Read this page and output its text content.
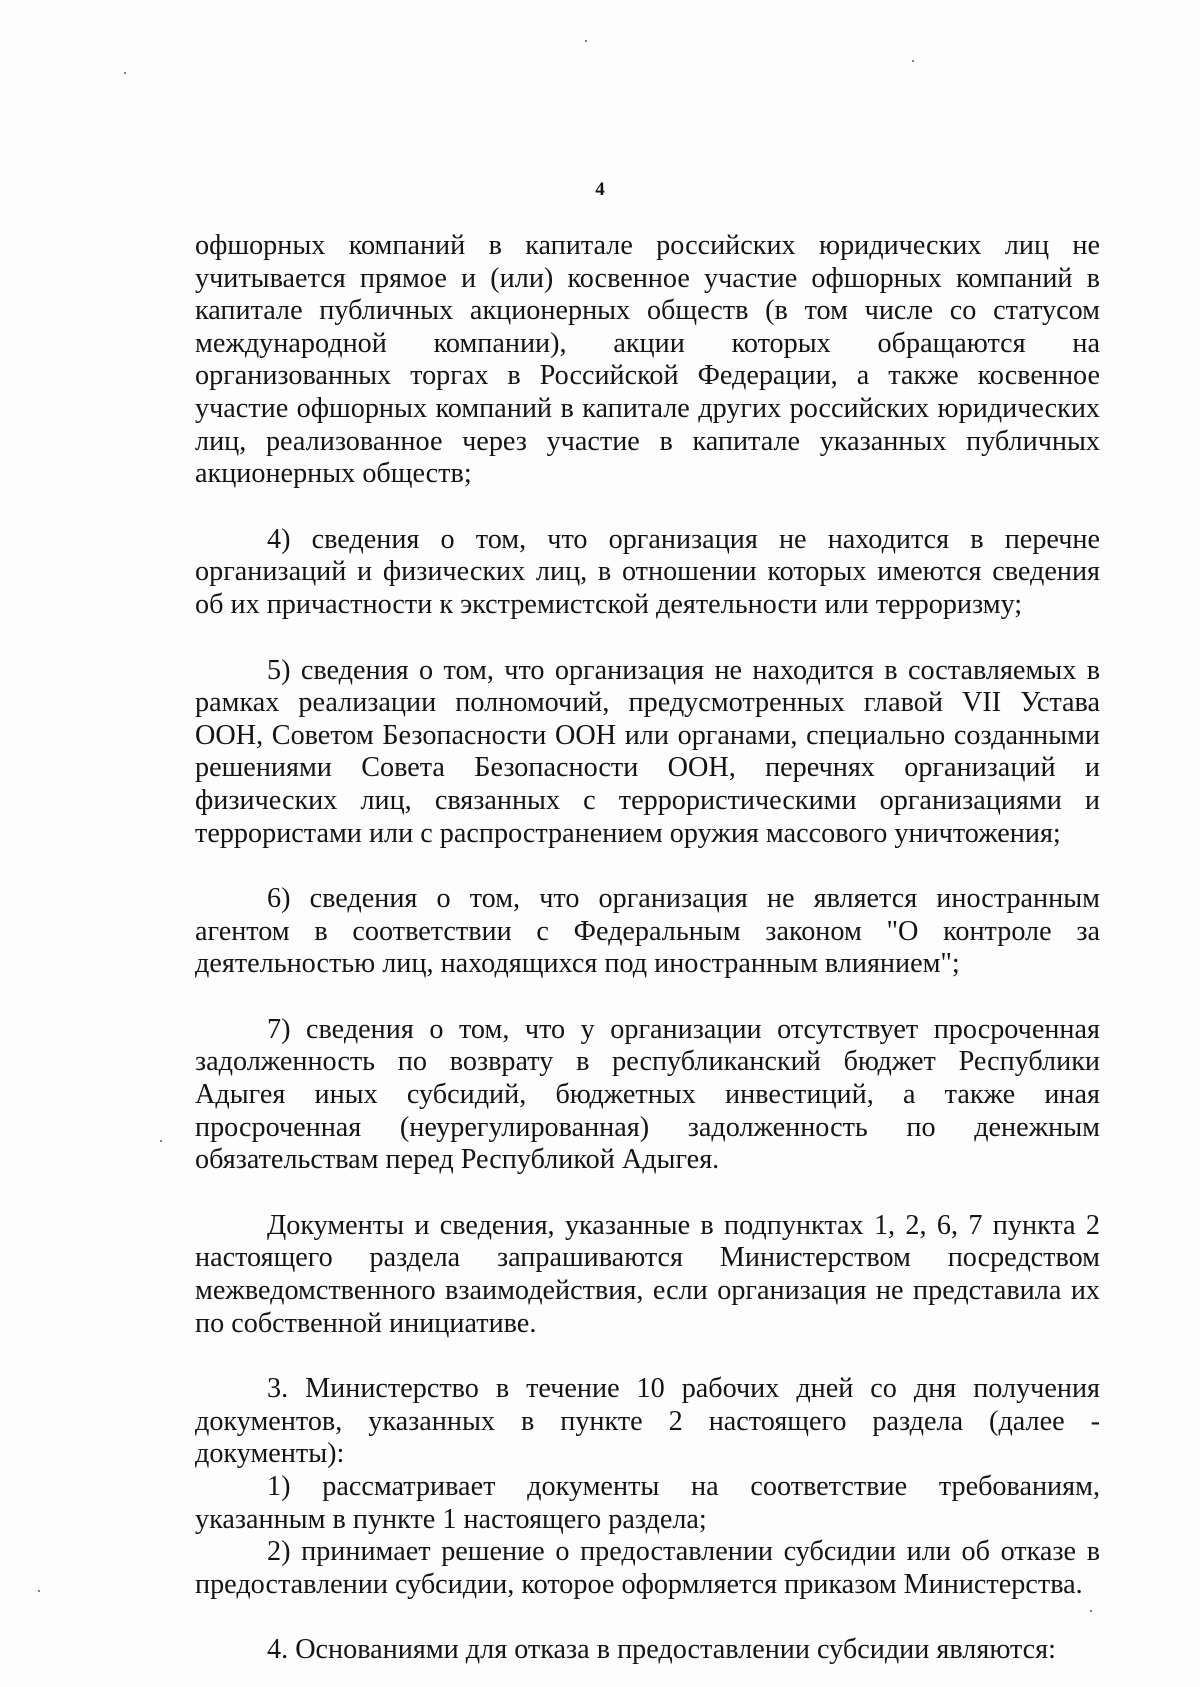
4

офшорных компаний в капитале российских юридических лиц не учитывается прямое и (или) косвенное участие офшорных компаний в капитале публичных акционерных обществ (в том числе со статусом международной компании), акции которых обращаются на организованных торгах в Российской Федерации, а также косвенное участие офшорных компаний в капитале других российских юридических лиц, реализованное через участие в капитале указанных публичных акционерных обществ;

4) сведения о том, что организация не находится в перечне организаций и физических лиц, в отношении которых имеются сведения об их причастности к экстремистской деятельности или терроризму;

5) сведения о том, что организация не находится в составляемых в рамках реализации полномочий, предусмотренных главой VII Устава ООН, Советом Безопасности ООН или органами, специально созданными решениями Совета Безопасности ООН, перечнях организаций и физических лиц, связанных с террористическими организациями и террористами или с распространением оружия массового уничтожения;

6) сведения о том, что организация не является иностранным агентом в соответствии с Федеральным законом "О контроле за деятельностью лиц, находящихся под иностранным влиянием";

7) сведения о том, что у организации отсутствует просроченная задолженность по возврату в республиканский бюджет Республики Адыгея иных субсидий, бюджетных инвестиций, а также иная просроченная (неурегулированная) задолженность по денежным обязательствам перед Республикой Адыгея.

Документы и сведения, указанные в подпунктах 1, 2, 6, 7 пункта 2 настоящего раздела запрашиваются Министерством посредством межведомственного взаимодействия, если организация не представила их по собственной инициативе.

3. Министерство в течение 10 рабочих дней со дня получения документов, указанных в пункте 2 настоящего раздела (далее - документы):

1) рассматривает документы на соответствие требованиям, указанным в пункте 1 настоящего раздела;

2) принимает решение о предоставлении субсидии или об отказе в предоставлении субсидии, которое оформляется приказом Министерства.

4. Основаниями для отказа в предоставлении субсидии являются:
